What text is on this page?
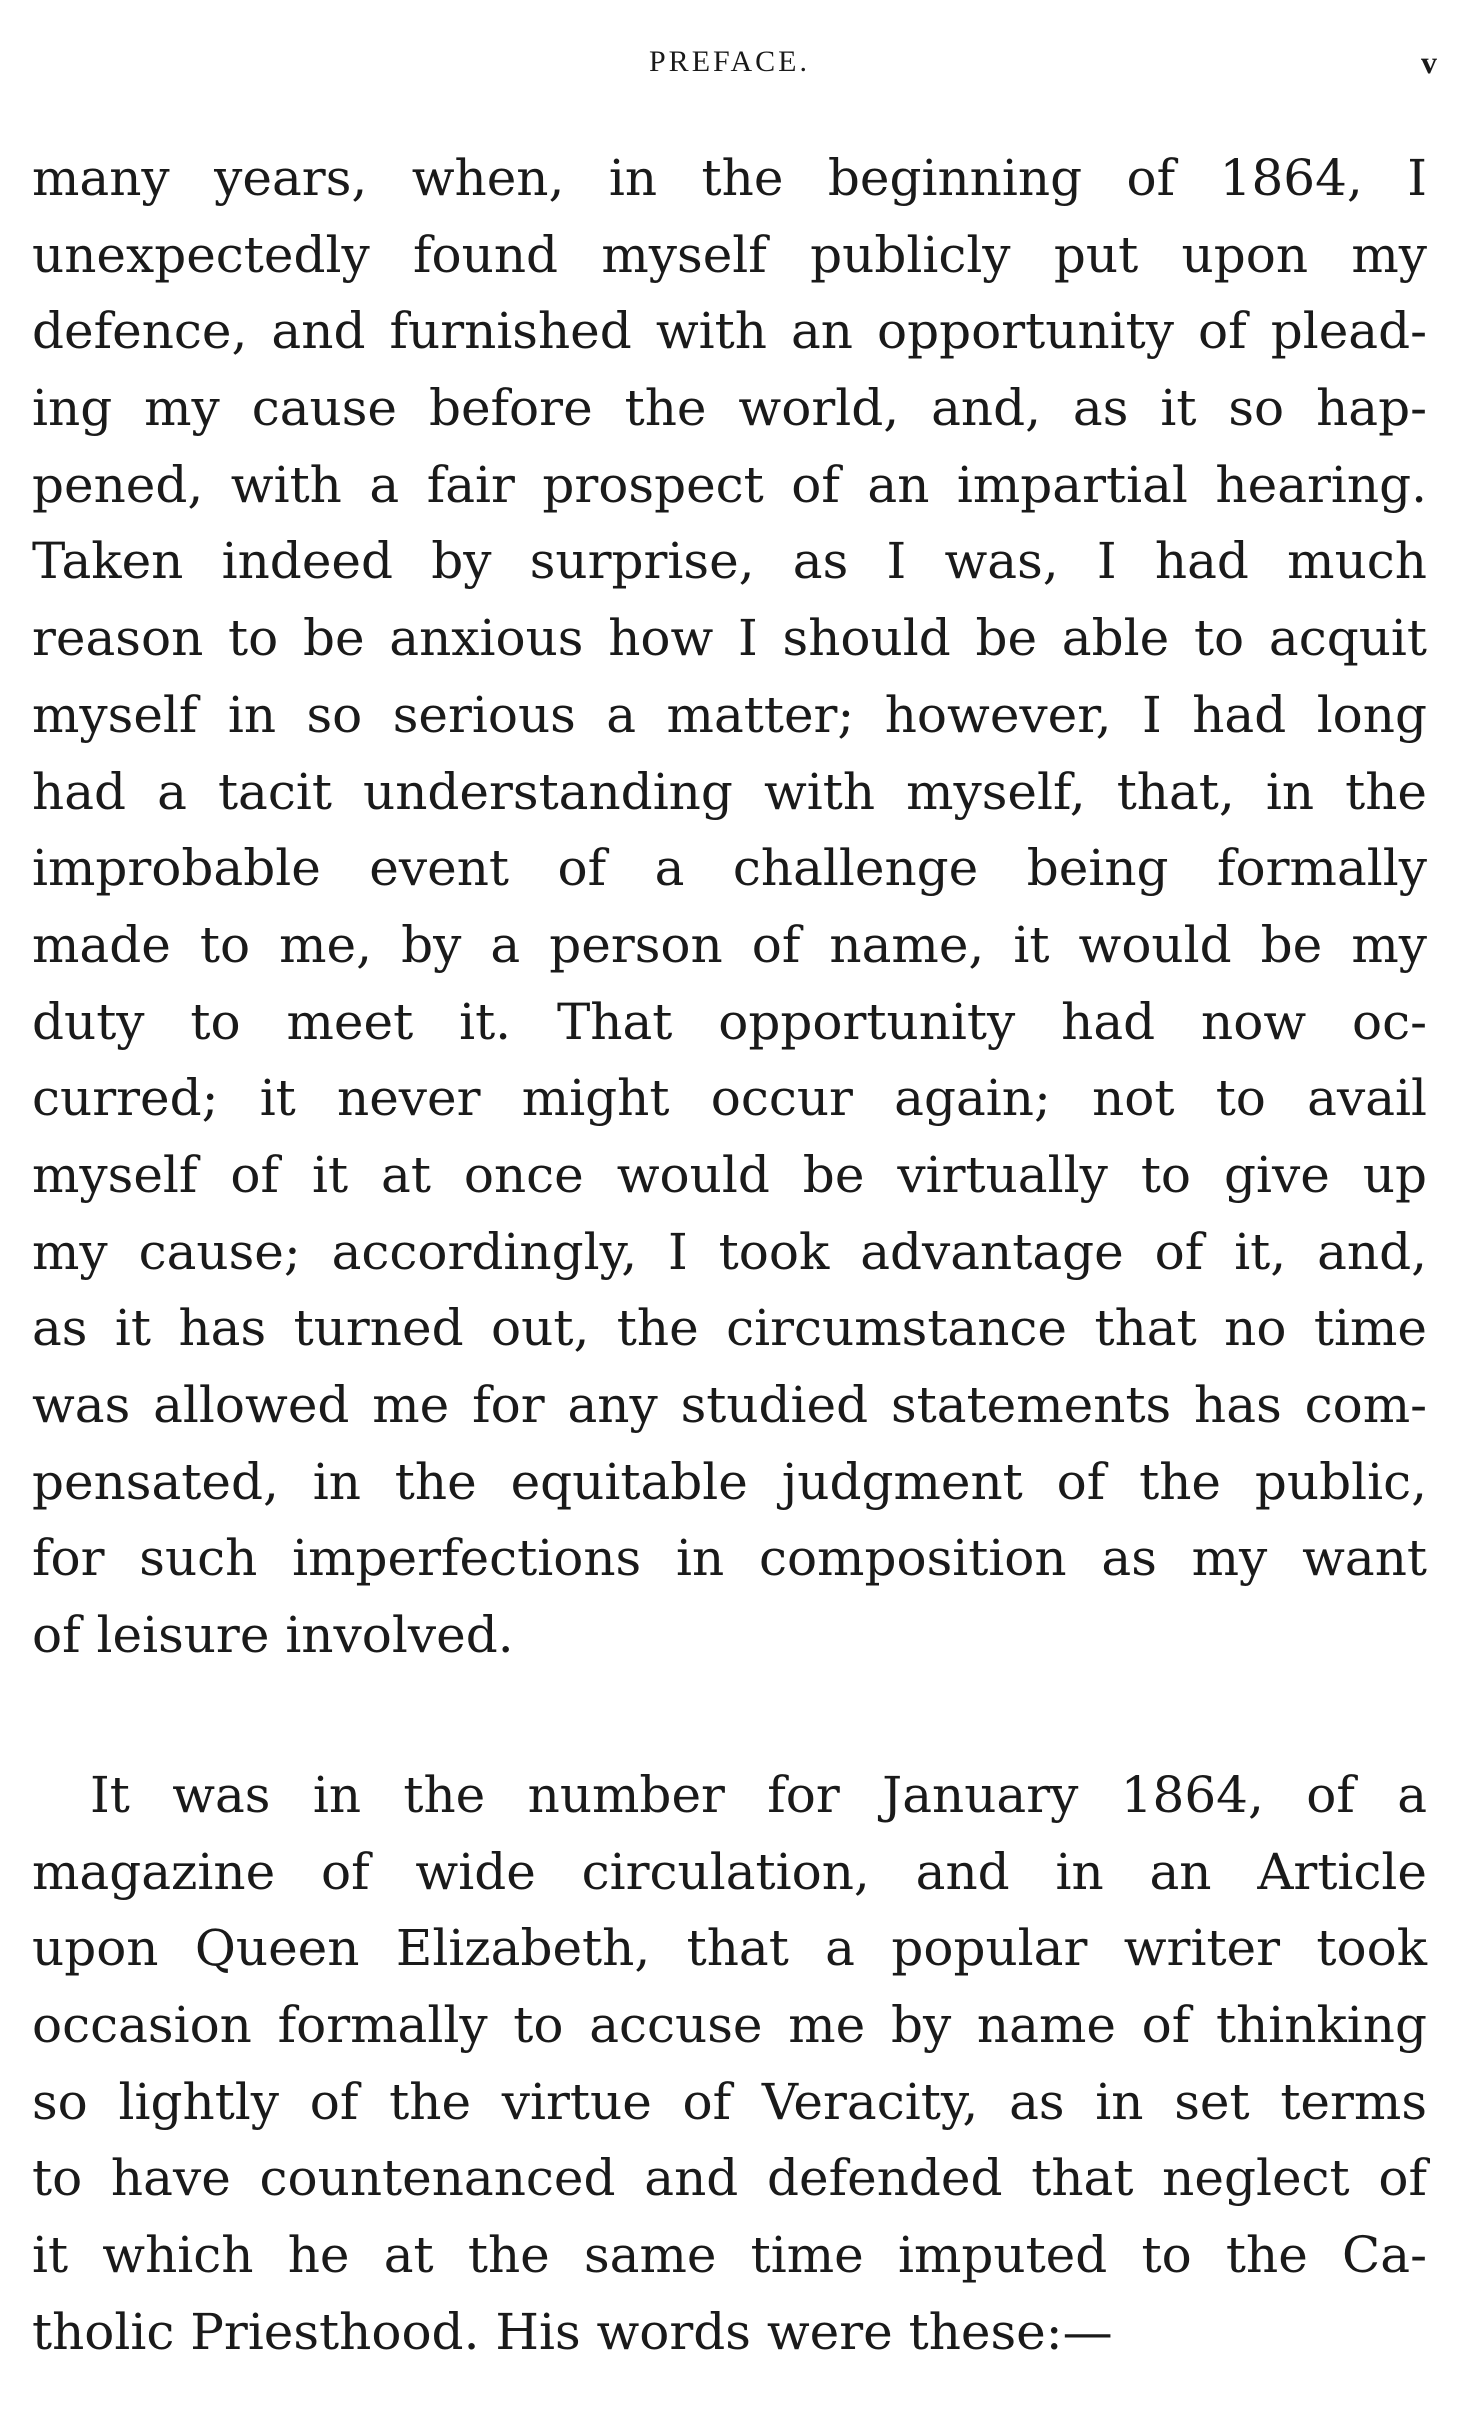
PREFACE.	v
many years, when, in the beginning of 1864, I
unexpectedly found myself publicly put upon my
defence, and furnished with an opportunity of plead-
ing my cause before the world, and, as it so hap-
pened, with a fair prospect of an impartial hearing.
Taken indeed by surprise, as I was, I had much
reason to be anxious how I should be able to acquit
myself in so serious a matter; however, I had long
had a tacit understanding with myself, that, in the
improbable event of a challenge being formally
made to me, by a person of name, it would be my
duty to meet it. That opportunity had now oc-
curred; it never might occur again; not to avail
myself of it at once would be virtually to give up
my cause; accordingly, I took advantage of it, and,
as it has turned out, the circumstance that no time
was allowed me for any studied statements has com-
pensated, in the equitable judgment of the public,
for such imperfections in composition as my want
of leisure involved.
It was in the number for January 1864, of a
magazine of wide circulation, and in an Article
upon Queen Elizabeth, that a popular writer took
occasion formally to accuse me by name of thinking
so lightly of the virtue of Veracity, as in set terms
to have countenanced and defended that neglect of
it which he at the same time imputed to the Ca-
tholic Priesthood. His words were these:—
